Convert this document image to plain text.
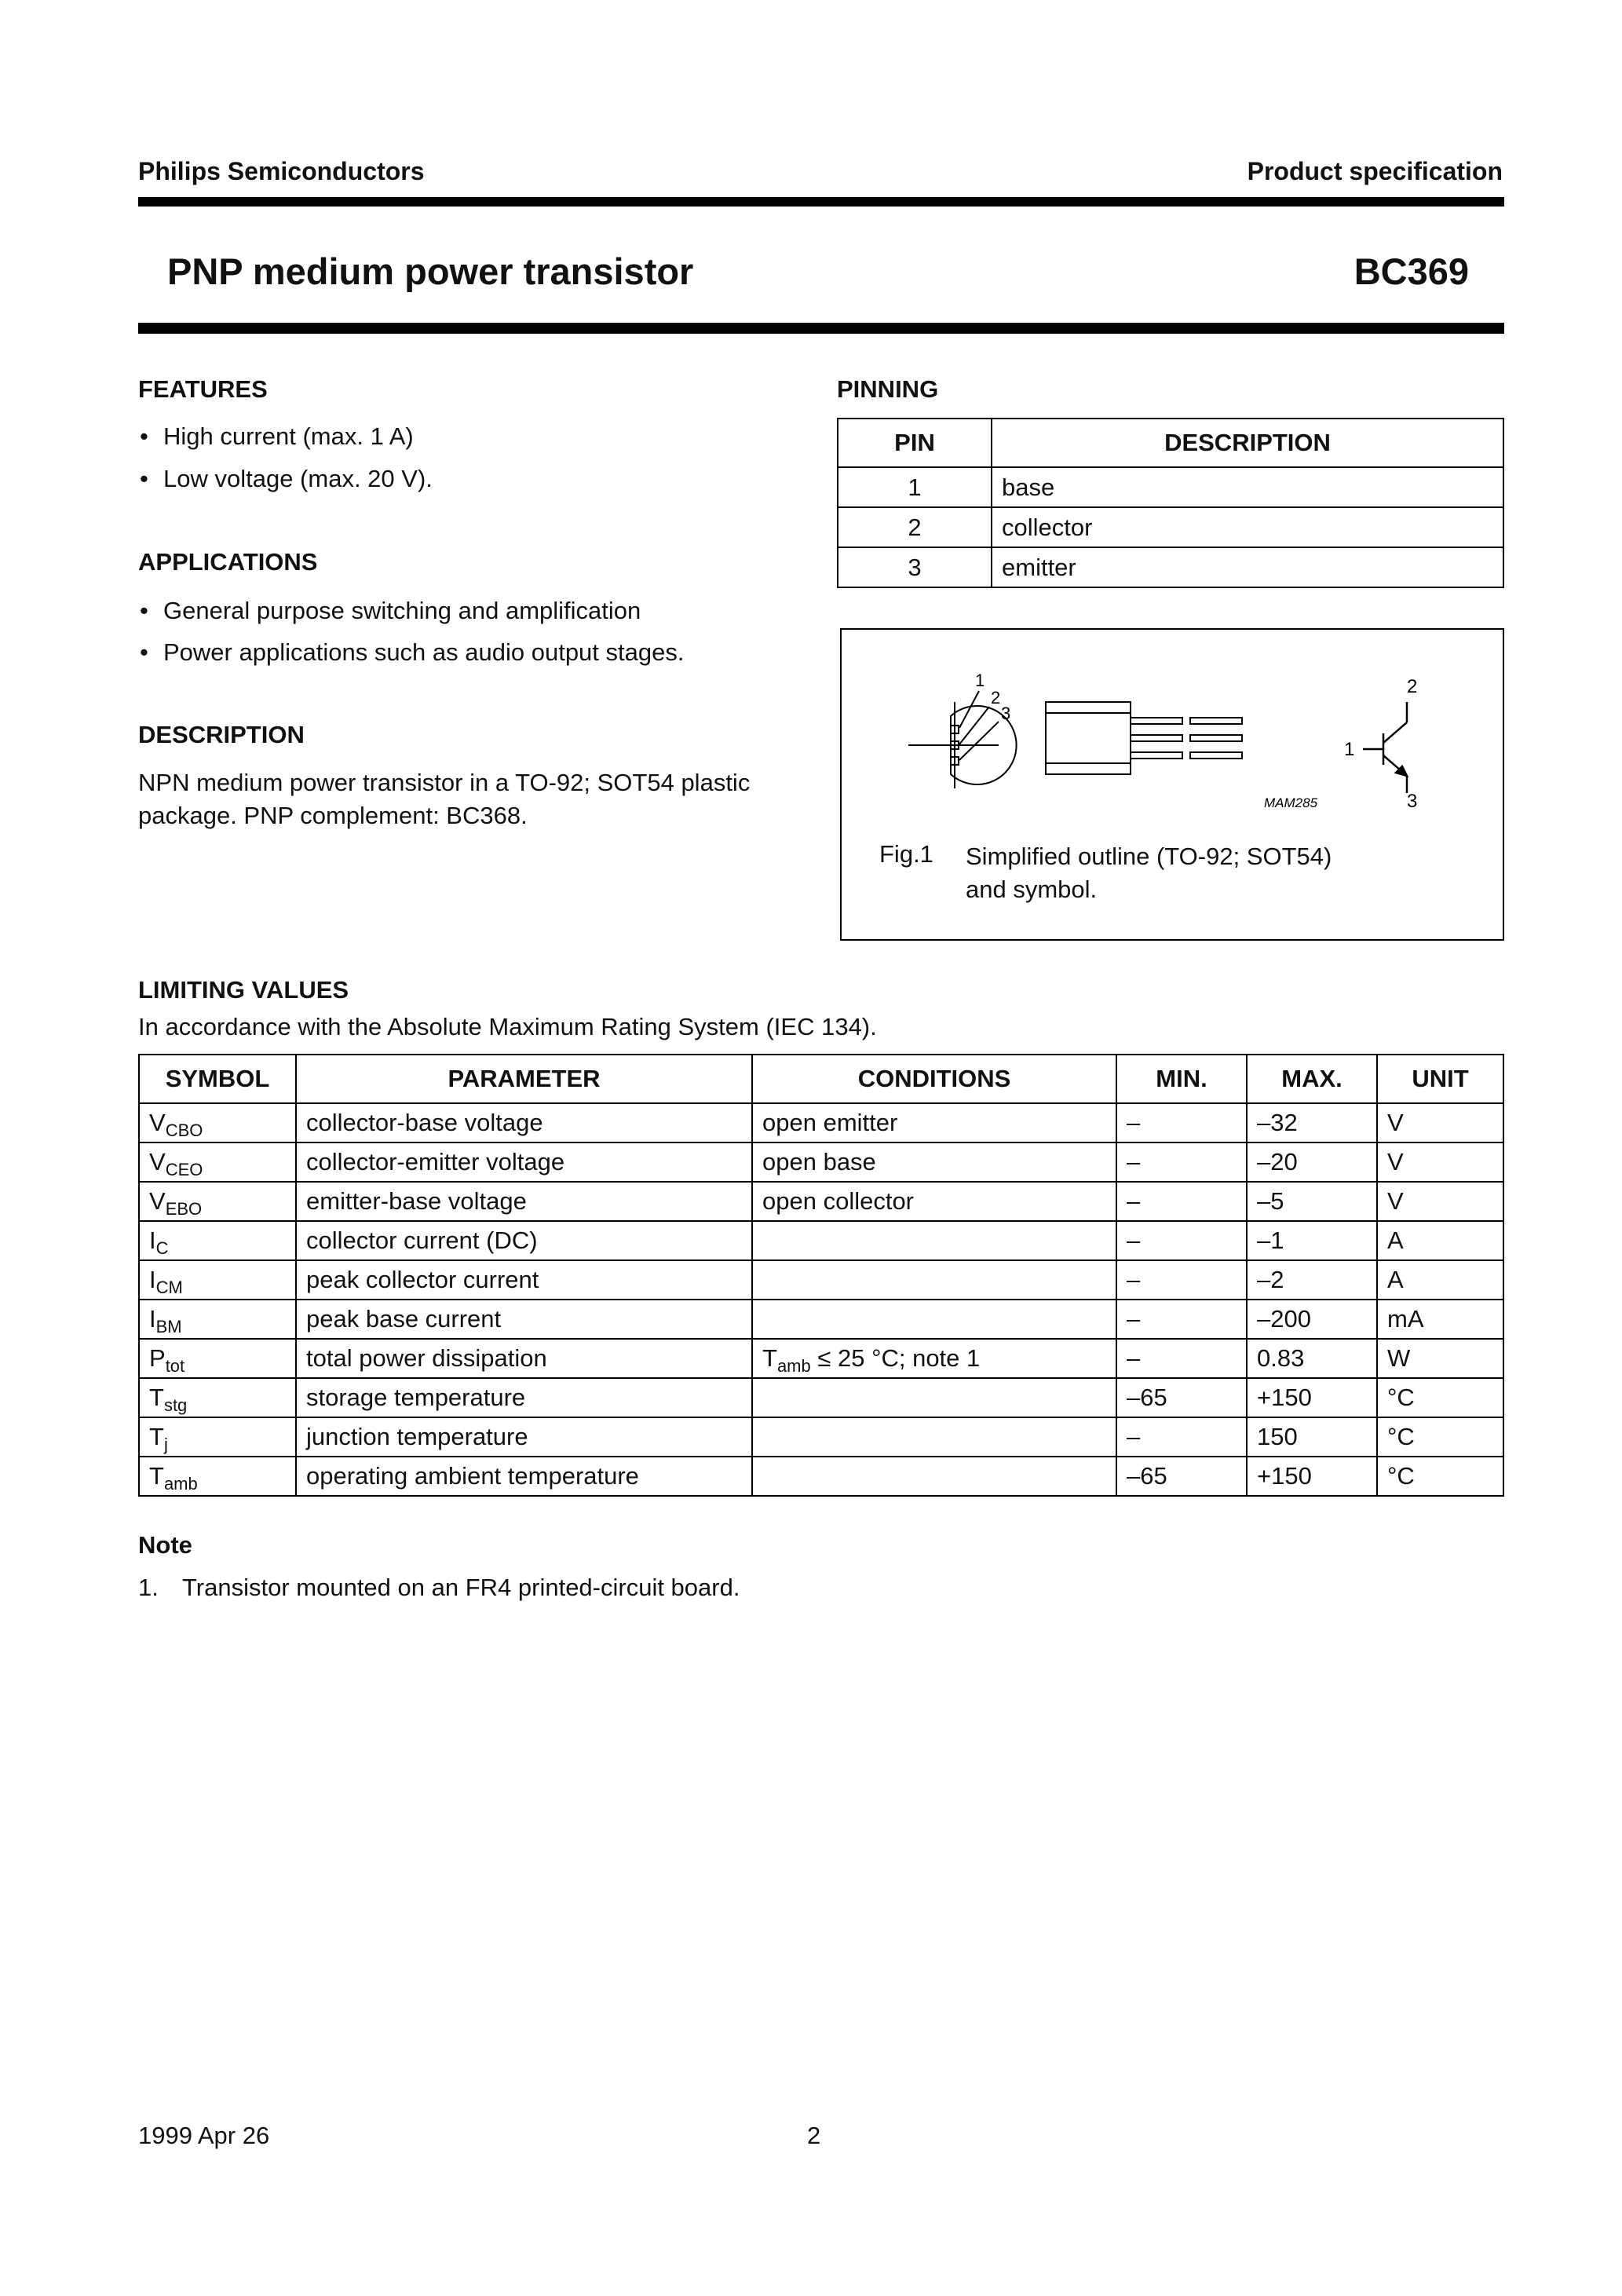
Philips Semiconductors	Product specification
PNP medium power transistor	BC369
FEATURES
• High current (max. 1 A)
• Low voltage (max. 20 V).
APPLICATIONS
• General purpose switching and amplification
• Power applications such as audio output stages.
DESCRIPTION
NPN medium power transistor in a TO-92; SOT54 plastic
package. PNP complement: BC368.
PINNING
PIN	DESCRIPTION
1	base
2	collector
3	emitter
1
2
3
2
1
3
MAM285
Fig.1 Simplified outline (TO-92; SOT54)
and symbol.
LIMITING VALUES
In accordance with the Absolute Maximum Rating System (IEC 134).
SYMBOL	PARAMETER	CONDITIONS	MIN.	MAX.	UNIT
$V_{CBO}$	collector-base voltage	open emitter	–	–32	V
$V_{CEO}$	collector-emitter voltage	open base	–	–20	V
$V_{EBO}$	emitter-base voltage	open collector	–	–5	V
$I_C$	collector current (DC)		–	–1	A
$I_{CM}$	peak collector current		–	–2	A
$I_{BM}$	peak base current		–	–200	mA
$P_{tot}$	total power dissipation	$T_{amb} \le 25$ °C; note 1	–	0.83	W
$T_{stg}$	storage temperature		–65	+150	°C
$T_j$	junction temperature		–	150	°C
$T_{amb}$	operating ambient temperature		–65	+150	°C
Note
1. Transistor mounted on an FR4 printed-circuit board.
1999 Apr 26	2
